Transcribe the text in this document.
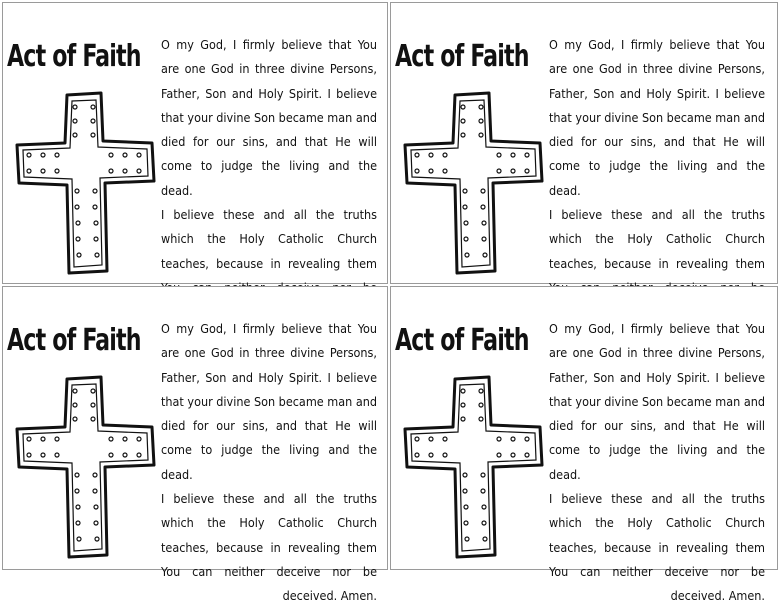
Act of Faith O my God, I firmly believe that You are one God in three divine Persons, Father, Son and Holy Spirit. I believe that your divine Son became man and died for our sins, and that He will come to judge the living and the dead.

I believe these and all the truths which the Holy Catholic Church teaches, because in revealing them

Act of Faith O my God, I firmly believe that You are one God in three divine Persons, Father, Son and Holy Spirit. I believe that your divine Son became man and died for our sins, and that He will come to judge the living and the dead.

I believe these and all the truths which the Holy Catholic Church teaches, because in revealing them

Act of Faith O my God, I firmly believe that You are one God in three divine Persons, Father, Son and Holy Spirit. I believe that your divine Son became man and died for our sins, and that He will come to judge the living and the dead.

I believe these and all the truths which the Holy Catholic Church teaches, because in revealing them You can neither deceive nor be deceived. Amen.

Act of Faith O my God, I firmly believe that You are one God in three divine Persons, Father, Son and Holy Spirit. I believe that your divine Son became man and died for our sins, and that He will come to judge the living and the dead.

I believe these and all the truths which the Holy Catholic Church teaches, because in revealing them You can neither deceive nor be deceived. Amen.
